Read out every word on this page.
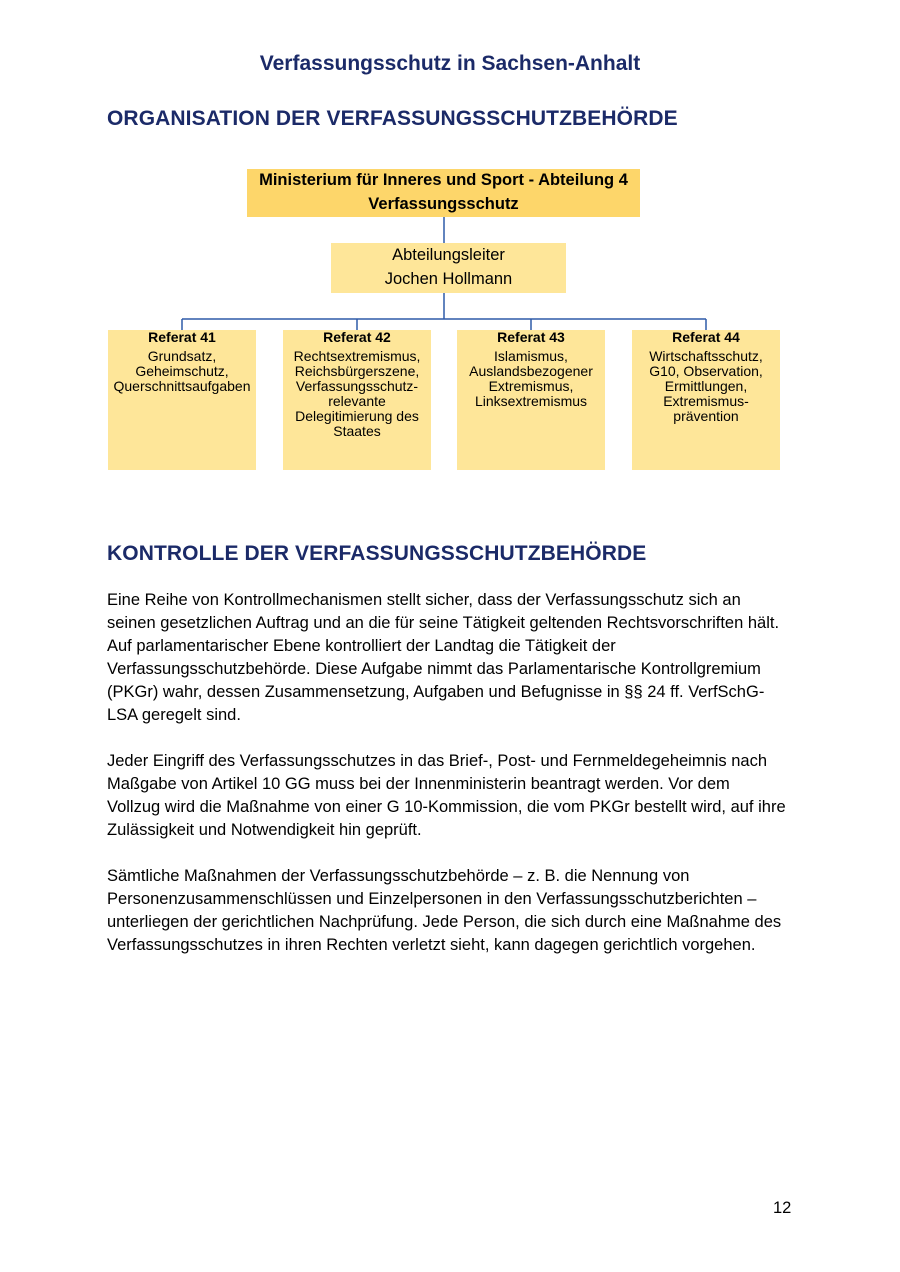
Verfassungsschutz in Sachsen-Anhalt
ORGANISATION DER VERFASSUNGSSCHUTZBEHÖRDE
Ministerium für Inneres und Sport - Abteilung 4
Verfassungsschutz
Abteilungsleiter
Jochen Hollmann
Referat 41
Grundsatz,
Geheimschutz,
Querschnittsaufgaben
Referat 42
Rechtsextremismus,
Reichsbürgerszene,
Verfassungsschutz-
relevante
Delegitimierung des
Staates
Referat 43
Islamismus,
Auslandsbezogener
Extremismus,
Linksextremismus
Referat 44
Wirtschaftsschutz,
G10, Observation,
Ermittlungen,
Extremismus-
prävention
KONTROLLE DER VERFASSUNGSSCHUTZBEHÖRDE
Eine Reihe von Kontrollmechanismen stellt sicher, dass der Verfassungsschutz sich an
seinen gesetzlichen Auftrag und an die für seine Tätigkeit geltenden Rechtsvorschriften hält.
Auf parlamentarischer Ebene kontrolliert der Landtag die Tätigkeit der
Verfassungsschutzbehörde. Diese Aufgabe nimmt das Parlamentarische Kontrollgremium
(PKGr) wahr, dessen Zusammensetzung, Aufgaben und Befugnisse in §§ 24 ff. VerfSchG-
LSA geregelt sind.
Jeder Eingriff des Verfassungsschutzes in das Brief-, Post- und Fernmeldegeheimnis nach
Maßgabe von Artikel 10 GG muss bei der Innenministerin beantragt werden. Vor dem
Vollzug wird die Maßnahme von einer G 10-Kommission, die vom PKGr bestellt wird, auf ihre
Zulässigkeit und Notwendigkeit hin geprüft.
Sämtliche Maßnahmen der Verfassungsschutzbehörde – z. B. die Nennung von
Personenzusammenschlüssen und Einzelpersonen in den Verfassungsschutzberichten –
unterliegen der gerichtlichen Nachprüfung. Jede Person, die sich durch eine Maßnahme des
Verfassungsschutzes in ihren Rechten verletzt sieht, kann dagegen gerichtlich vorgehen.
12
